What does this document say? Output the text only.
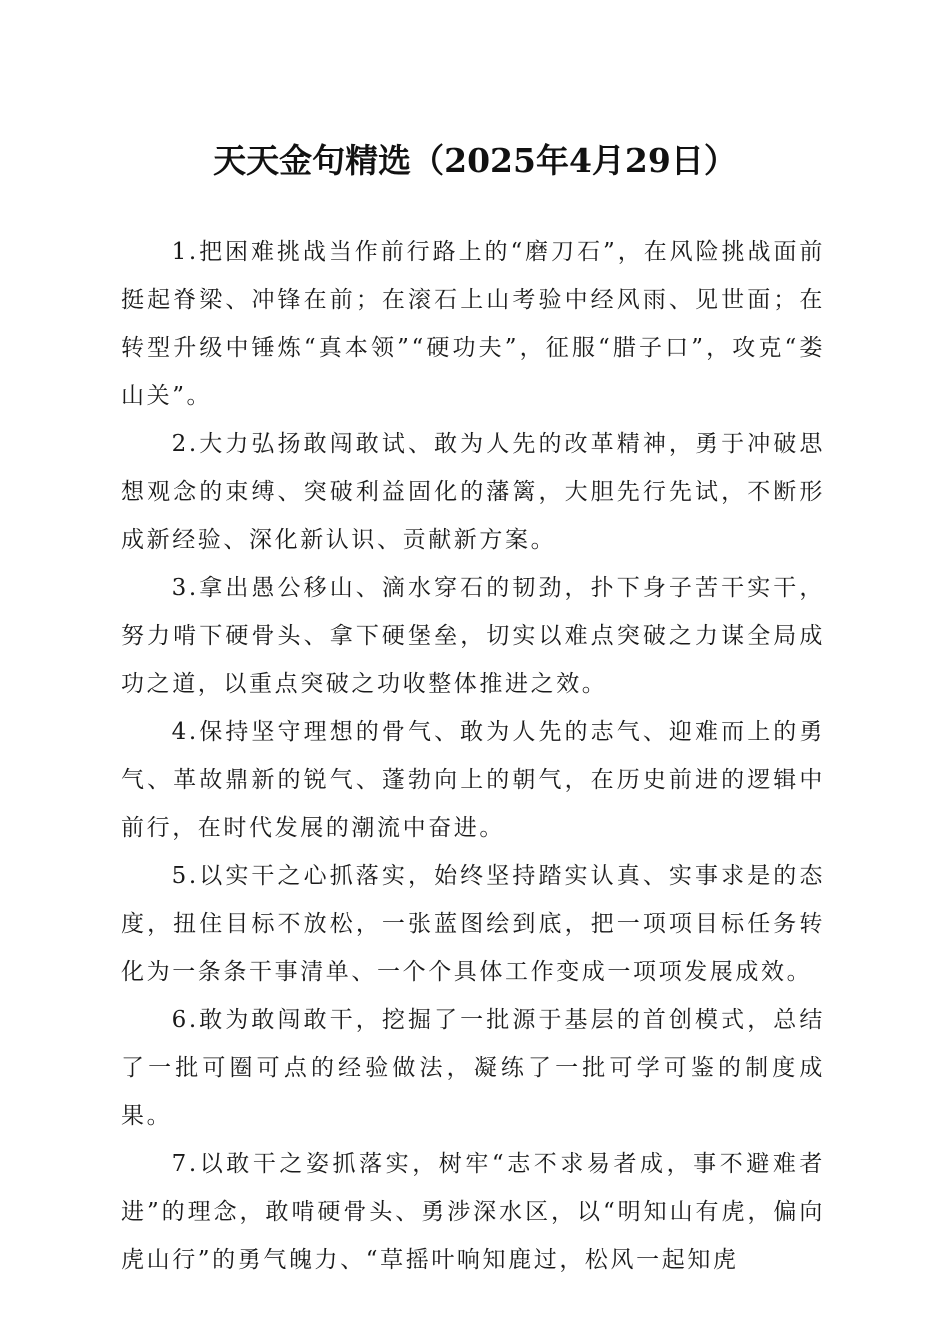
天天金句精选（2025年4月29日）

1.把困难挑战当作前行路上的“磨刀石”，在风险挑战面前挺起脊梁、冲锋在前；在滚石上山考验中经风雨、见世面；在转型升级中锤炼“真本领”“硬功夫”，征服“腊子口”，攻克“娄山关”。

2.大力弘扬敢闯敢试、敢为人先的改革精神，勇于冲破思想观念的束缚、突破利益固化的藩篱，大胆先行先试，不断形成新经验、深化新认识、贡献新方案。

3.拿出愚公移山、滴水穿石的韧劲，扑下身子苦干实干，努力啃下硬骨头、拿下硬堡垒，切实以难点突破之力谋全局成功之道，以重点突破之功收整体推进之效。

4.保持坚守理想的骨气、敢为人先的志气、迎难而上的勇气、革故鼎新的锐气、蓬勃向上的朝气，在历史前进的逻辑中前行，在时代发展的潮流中奋进。

5.以实干之心抓落实，始终坚持踏实认真、实事求是的态度，扭住目标不放松，一张蓝图绘到底，把一项项目标任务转化为一条条干事清单、一个个具体工作变成一项项发展成效。

6.敢为敢闯敢干，挖掘了一批源于基层的首创模式，总结了一批可圈可点的经验做法，凝练了一批可学可鉴的制度成果。

7.以敢干之姿抓落实，树牢“志不求易者成，事不避难者进”的理念，敢啃硬骨头、勇涉深水区，以“明知山有虎，偏向虎山行”的勇气魄力、“草摇叶响知鹿过，松风一起知虎
